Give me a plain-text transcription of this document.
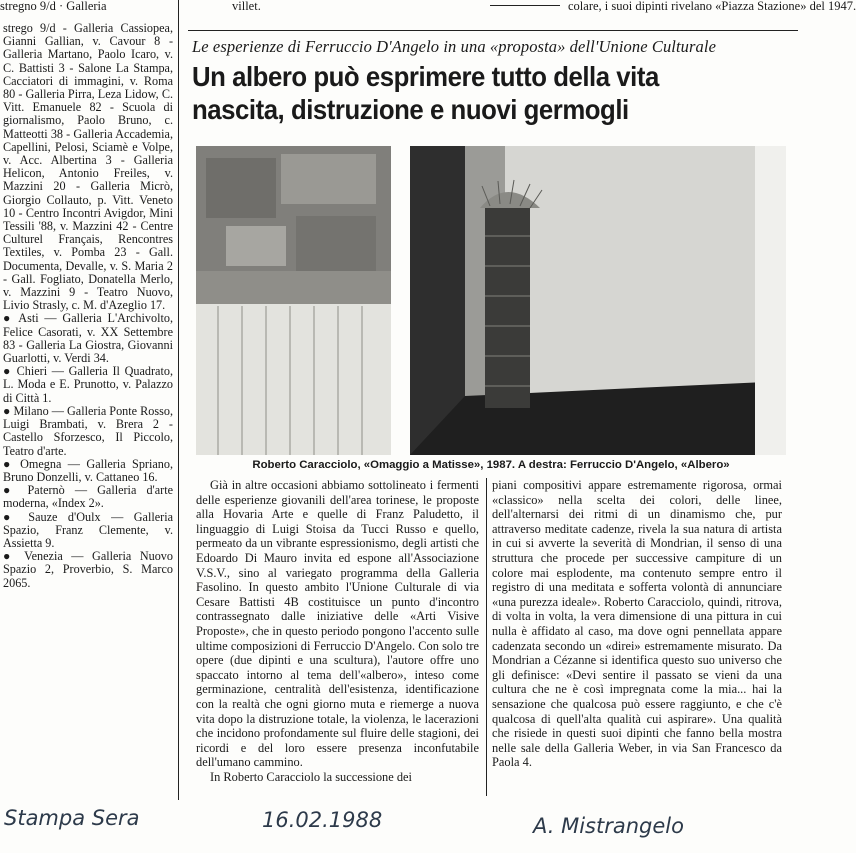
stregno 9/d · Galleria	villet.	colare, i suoi dipinti rivelano «Piazza Stazione» del 1947.

strego 9/d - Galleria Cassiopea, Gianni Gallian, v. Cavour 8 - Galleria Martano, Paolo Icaro, v. C. Battisti 3 - Salone La Stampa, Cacciatori di immagini, v. Roma 80 - Galleria Pirra, Leza Lidow, C. Vitt. Emanuele 82 - Scuola di giornalismo, Paolo Bruno, c. Matteotti 38 - Galleria Accademia, Capellini, Pelosi, Sciamè e Volpe, v. Acc. Albertina 3 - Galleria Helicon, Antonio Freiles, v. Mazzini 20 - Galleria Micrò, Giorgio Collauto, p. Vitt. Veneto 10 - Centro Incontri Avigdor, Mini Tessili '88, v. Mazzini 42 - Centre Culturel Français, Rencontres Textiles, v. Pomba 23 - Gall. Documenta, Devalle, v. S. Maria 2 - Gall. Fogliato, Donatella Merlo, v. Mazzini 9 - Teatro Nuovo, Livio Strasly, c. M. d'Azeglio 17.

● Asti — Galleria L'Archivolto, Felice Casorati, v. XX Settembre 83 - Galleria La Giostra, Giovanni Guarlotti, v. Verdi 34.

● Chieri — Galleria Il Quadrato, L. Moda e E. Prunotto, v. Palazzo di Città 1.

● Milano — Galleria Ponte Rosso, Luigi Brambati, v. Brera 2 - Castello Sforzesco, Il Piccolo, Teatro d'arte.

● Omegna — Galleria Spriano, Bruno Donzelli, v. Cattaneo 16.

● Paternò — Galleria d'arte moderna, «Index 2».

● Sauze d'Oulx — Galleria Spazio, Franz Clemente, v. Assietta 9.

● Venezia — Galleria Nuovo Spazio 2, Proverbio, S. Marco 2065.

Le esperienze di Ferruccio D'Angelo in una «proposta» dell'Unione Culturale
Un albero può esprimere tutto della vita
nascita, distruzione e nuovi germogli
Roberto Caracciolo, «Omaggio a Matisse», 1987. A destra: Ferruccio D'Angelo, «Albero»

Già in altre occasioni abbiamo sottolineato i fermenti delle esperienze giovanili dell'area torinese, le proposte alla Hovaria Arte e quelle di Franz Paludetto, il linguaggio di Luigi Stoisa da Tucci Russo e quello, permeato da un vibrante espressionismo, degli artisti che Edoardo Di Mauro invita ed espone all'Associazione V.S.V., sino al variegato programma della Galleria Fasolino. In questo ambito l'Unione Culturale di via Cesare Battisti 4B costituisce un punto d'incontro contrassegnato dalle iniziative delle «Arti Visive Proposte», che in questo periodo pongono l'accento sulle ultime composizioni di Ferruccio D'Angelo. Con solo tre opere (due dipinti e una scultura), l'autore offre uno spaccato intorno al tema dell'«albero», inteso come germinazione, centralità dell'esistenza, identificazione con la realtà che ogni giorno muta e riemerge a nuova vita dopo la distruzione totale, la violenza, le lacerazioni che incidono profondamente sul fluire delle stagioni, dei ricordi e del loro essere presenza inconfutabile dell'umano cammino.

In Roberto Caracciolo la successione dei

piani compositivi appare estremamente rigorosa, ormai «classico» nella scelta dei colori, delle linee, dell'alternarsi dei ritmi di un dinamismo che, pur attraverso meditate cadenze, rivela la sua natura di artista in cui si avverte la severità di Mondrian, il senso di una struttura che procede per successive campiture di un colore mai esplodente, ma contenuto sempre entro il registro di una meditata e sofferta volontà di annunciare «una purezza ideale». Roberto Caracciolo, quindi, ritrova, di volta in volta, la vera dimensione di una pittura in cui nulla è affidato al caso, ma dove ogni pennellata appare cadenzata secondo un «direi» estremamente misurato. Da Mondrian a Cézanne si identifica questo suo universo che gli definisce: «Devi sentire il passato se vieni da una cultura che ne è così impregnata come la mia... hai la sensazione che qualcosa può essere raggiunto, e che c'è qualcosa di quell'alta qualità cui aspirare». Una qualità che risiede in questi suoi dipinti che fanno bella mostra nelle sale della Galleria Weber, in via San Francesco da Paola 4.

Stampa Sera	16.02.1988	A. Mistrangelo
